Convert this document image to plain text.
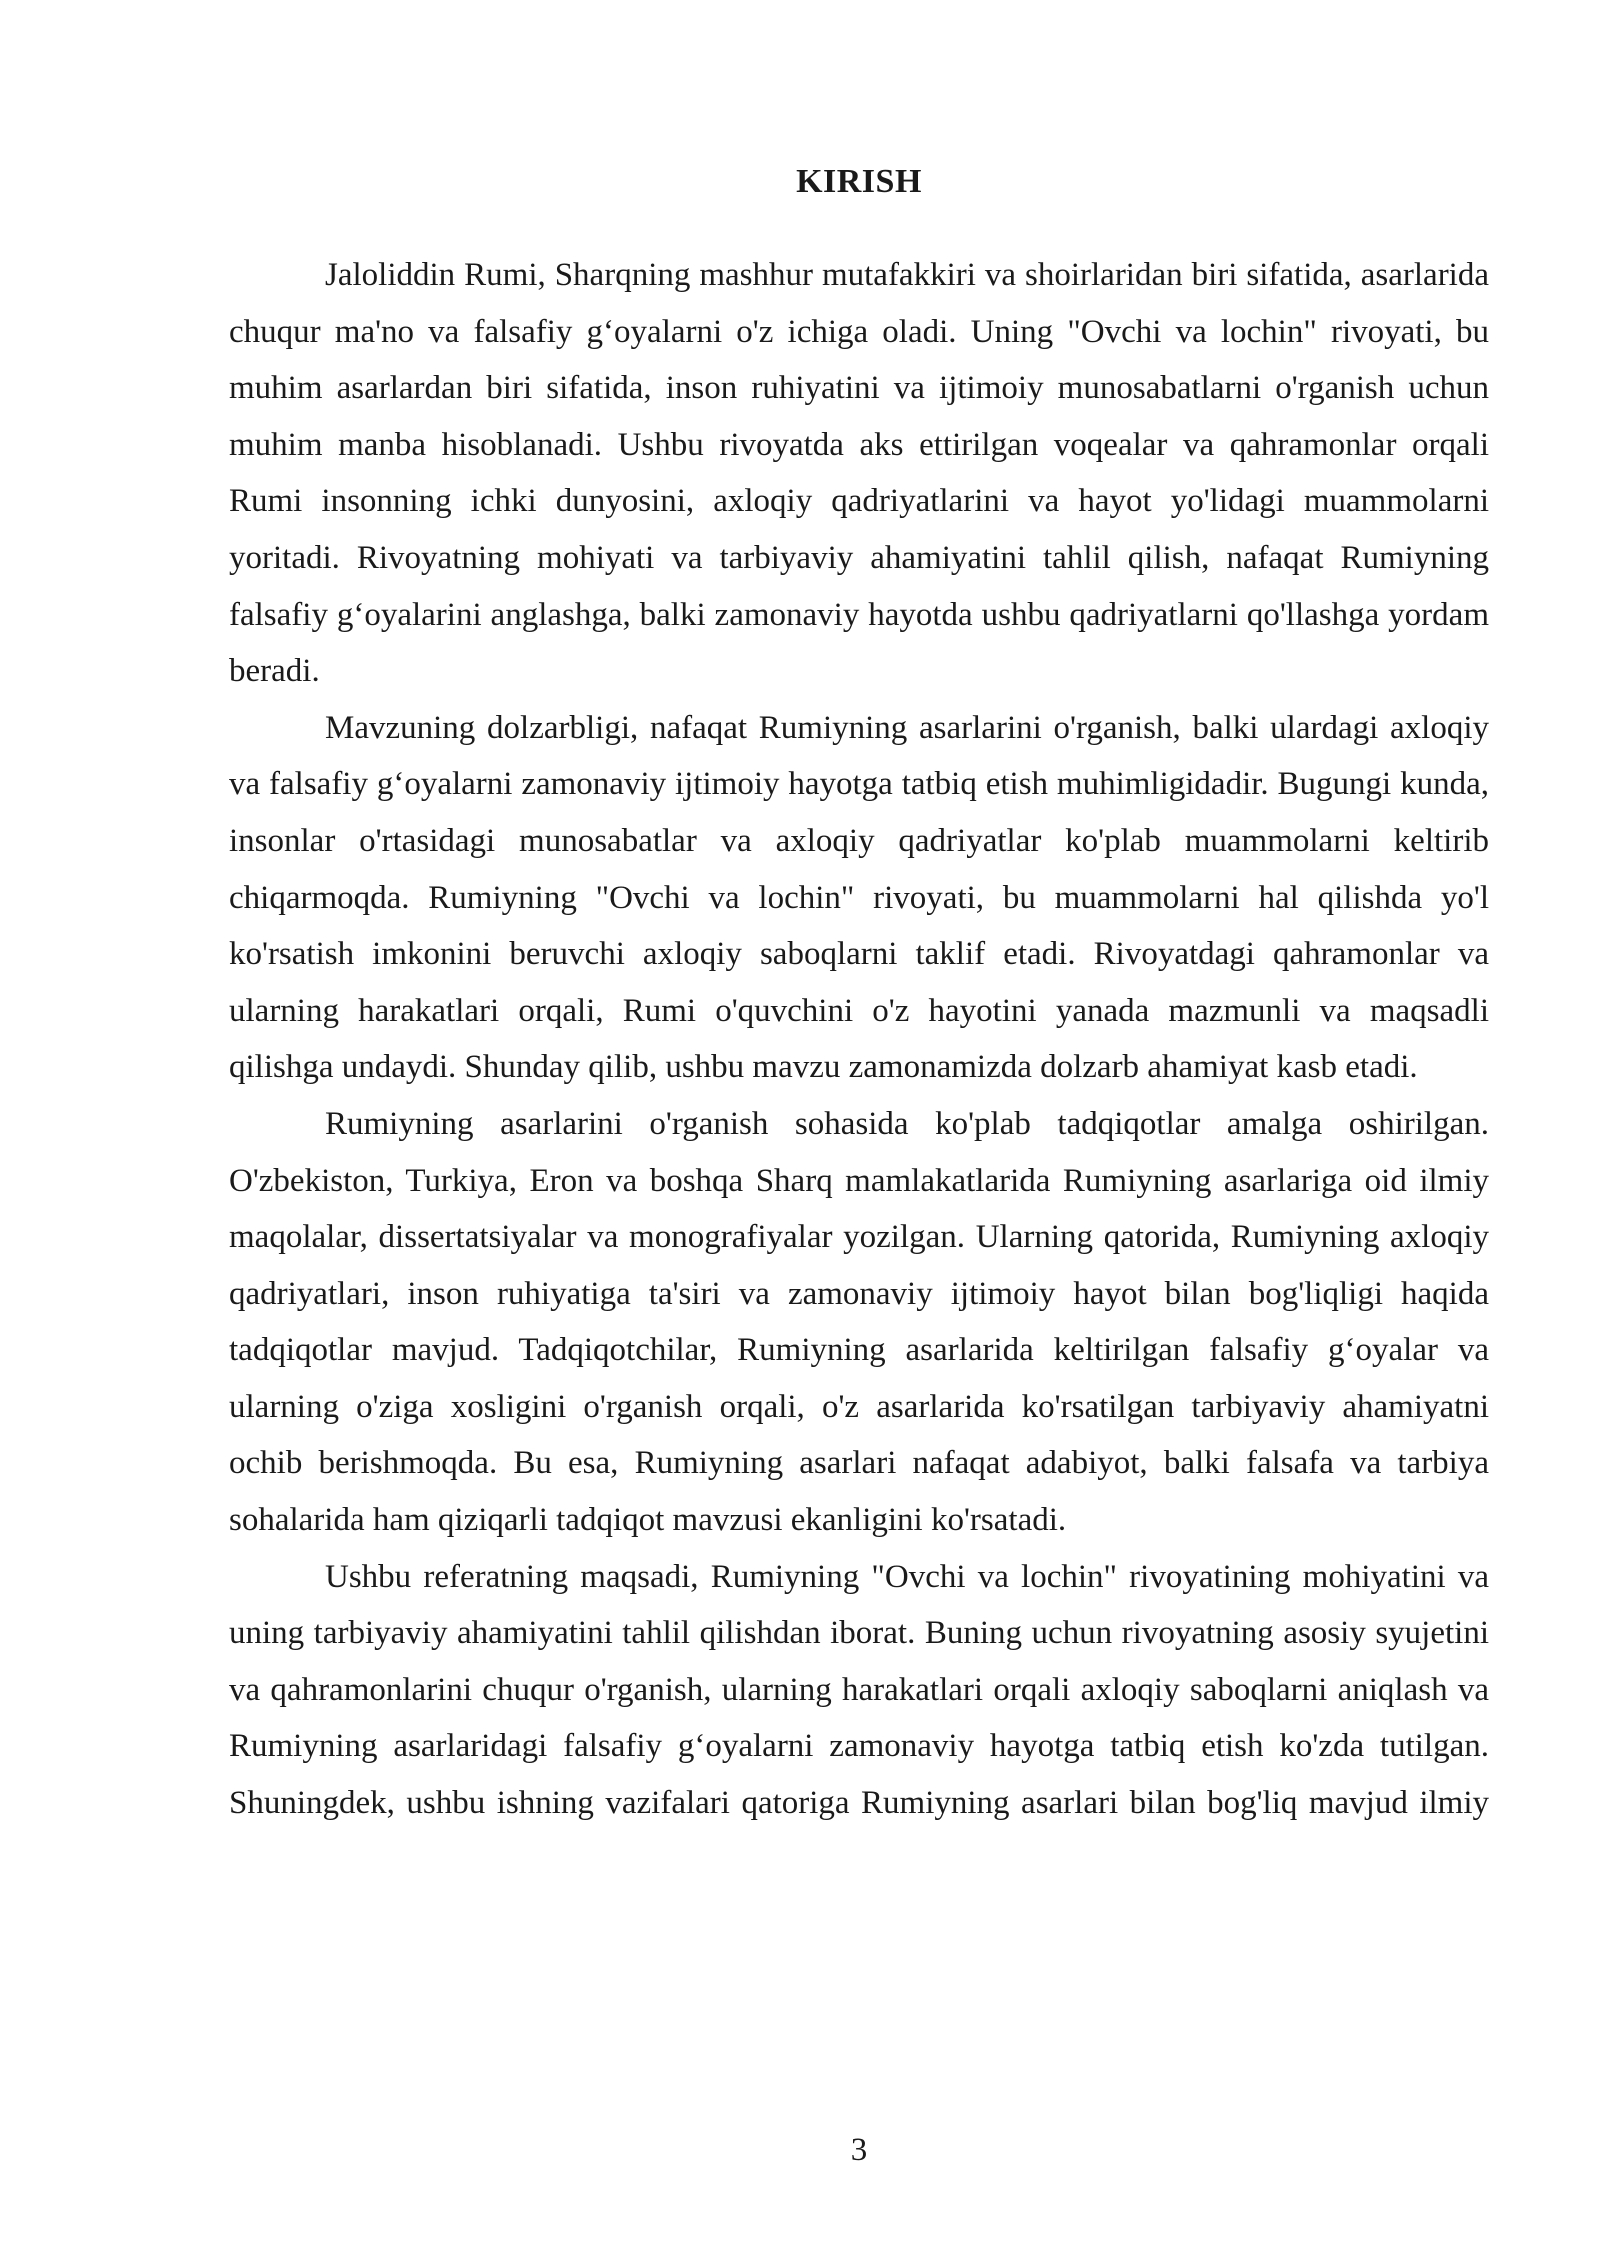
KIRISH

Jaloliddin Rumi, Sharqning mashhur mutafakkiri va shoirlaridan biri sifatida, asarlarida chuqur ma'no va falsafiy g‘oyalarni o'z ichiga oladi. Uning "Ovchi va lochin" rivoyati, bu muhim asarlardan biri sifatida, inson ruhiyatini va ijtimoiy munosabatlarni o'rganish uchun muhim manba hisoblanadi. Ushbu rivoyatda aks ettirilgan voqealar va qahramonlar orqali Rumi insonning ichki dunyosini, axloqiy qadriyatlarini va hayot yo'lidagi muammolarni yoritadi. Rivoyatning mohiyati va tarbiyaviy ahamiyatini tahlil qilish, nafaqat Rumiyning falsafiy g‘oyalarini anglashga, balki zamonaviy hayotda ushbu qadriyatlarni qo'llashga yordam beradi.

Mavzuning dolzarbligi, nafaqat Rumiyning asarlarini o'rganish, balki ulardagi axloqiy va falsafiy g‘oyalarni zamonaviy ijtimoiy hayotga tatbiq etish muhimligidadir. Bugungi kunda, insonlar o'rtasidagi munosabatlar va axloqiy qadriyatlar ko'plab muammolarni keltirib chiqarmoqda. Rumiyning "Ovchi va lochin" rivoyati, bu muammolarni hal qilishda yo'l ko'rsatish imkonini beruvchi axloqiy saboqlarni taklif etadi. Rivoyatdagi qahramonlar va ularning harakatlari orqali, Rumi o'quvchini o'z hayotini yanada mazmunli va maqsadli qilishga undaydi. Shunday qilib, ushbu mavzu zamonamizda dolzarb ahamiyat kasb etadi.

Rumiyning asarlarini o'rganish sohasida ko'plab tadqiqotlar amalga oshirilgan. O'zbekiston, Turkiya, Eron va boshqa Sharq mamlakatlarida Rumiyning asarlariga oid ilmiy maqolalar, dissertatsiyalar va monografiyalar yozilgan. Ularning qatorida, Rumiyning axloqiy qadriyatlari, inson ruhiyatiga ta'siri va zamonaviy ijtimoiy hayot bilan bog'liqligi haqida tadqiqotlar mavjud. Tadqiqotchilar, Rumiyning asarlarida keltirilgan falsafiy g‘oyalar va ularning o'ziga xosligini o'rganish orqali, o'z asarlarida ko'rsatilgan tarbiyaviy ahamiyatni ochib berishmoqda. Bu esa, Rumiyning asarlari nafaqat adabiyot, balki falsafa va tarbiya sohalarida ham qiziqarli tadqiqot mavzusi ekanligini ko'rsatadi.

Ushbu referatning maqsadi, Rumiyning "Ovchi va lochin" rivoyatining mohiyatini va uning tarbiyaviy ahamiyatini tahlil qilishdan iborat. Buning uchun rivoyatning asosiy syujetini va qahramonlarini chuqur o'rganish, ularning harakatlari orqali axloqiy saboqlarni aniqlash va Rumiyning asarlaridagi falsafiy g‘oyalarni zamonaviy hayotga tatbiq etish ko'zda tutilgan. Shuningdek, ushbu ishning vazifalari qatoriga Rumiyning asarlari bilan bog'liq mavjud ilmiy

3
